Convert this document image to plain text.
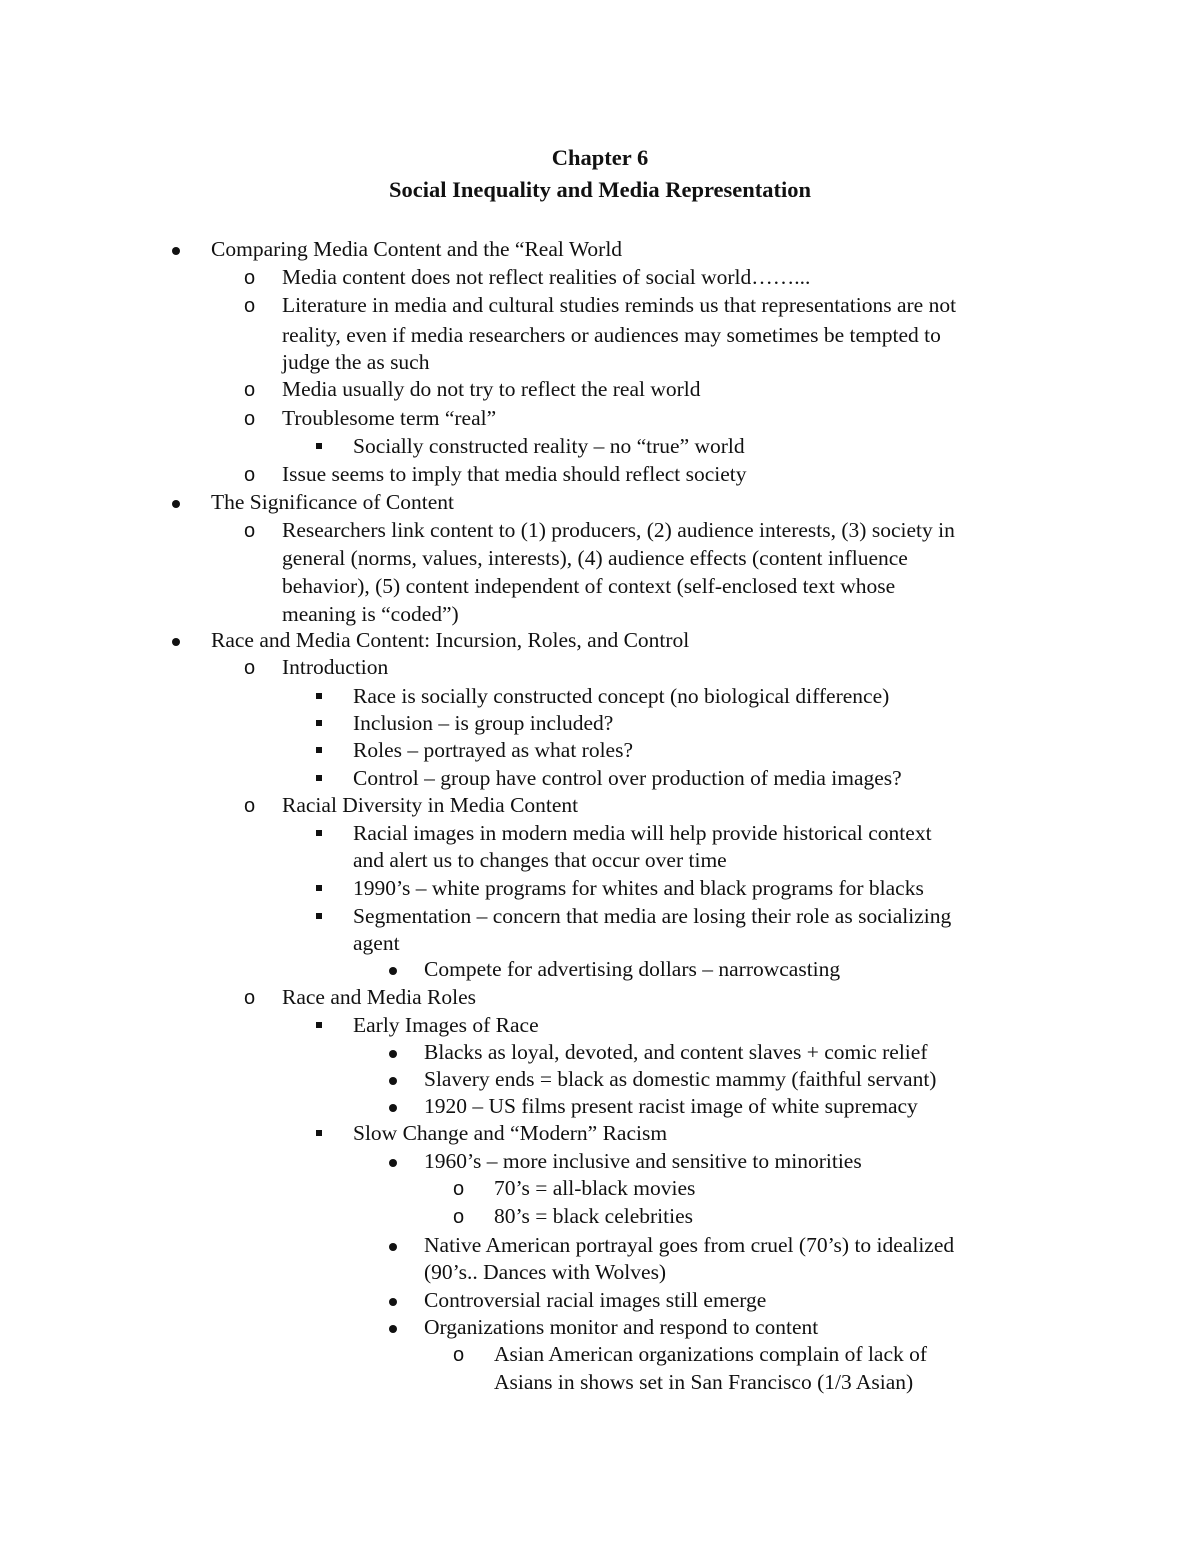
Chapter 6
Social Inequality and Media Representation
Comparing Media Content and the “Real World
o Media content does not reflect realities of social world……...
o Literature in media and cultural studies reminds us that representations are not
reality, even if media researchers or audiences may sometimes be tempted to
judge the as such
o Media usually do not try to reflect the real world
o Troublesome term “real”
Socially constructed reality – no “true” world
o Issue seems to imply that media should reflect society
The Significance of Content
o Researchers link content to (1) producers, (2) audience interests, (3) society in
general (norms, values, interests), (4) audience effects (content influence
behavior), (5) content independent of context (self-enclosed text whose
meaning is “coded”)
Race and Media Content: Incursion, Roles, and Control
o Introduction
Race is socially constructed concept (no biological difference)
Inclusion – is group included?
Roles – portrayed as what roles?
Control – group have control over production of media images?
o Racial Diversity in Media Content
Racial images in modern media will help provide historical context
and alert us to changes that occur over time
1990’s – white programs for whites and black programs for blacks
Segmentation – concern that media are losing their role as socializing
agent
Compete for advertising dollars – narrowcasting
o Race and Media Roles
Early Images of Race
Blacks as loyal, devoted, and content slaves + comic relief
Slavery ends = black as domestic mammy (faithful servant)
1920 – US films present racist image of white supremacy
Slow Change and “Modern” Racism
1960’s – more inclusive and sensitive to minorities
o 70’s = all-black movies
o 80’s = black celebrities
Native American portrayal goes from cruel (70’s) to idealized
(90’s.. Dances with Wolves)
Controversial racial images still emerge
Organizations monitor and respond to content
o Asian American organizations complain of lack of
Asians in shows set in San Francisco (1/3 Asian)
